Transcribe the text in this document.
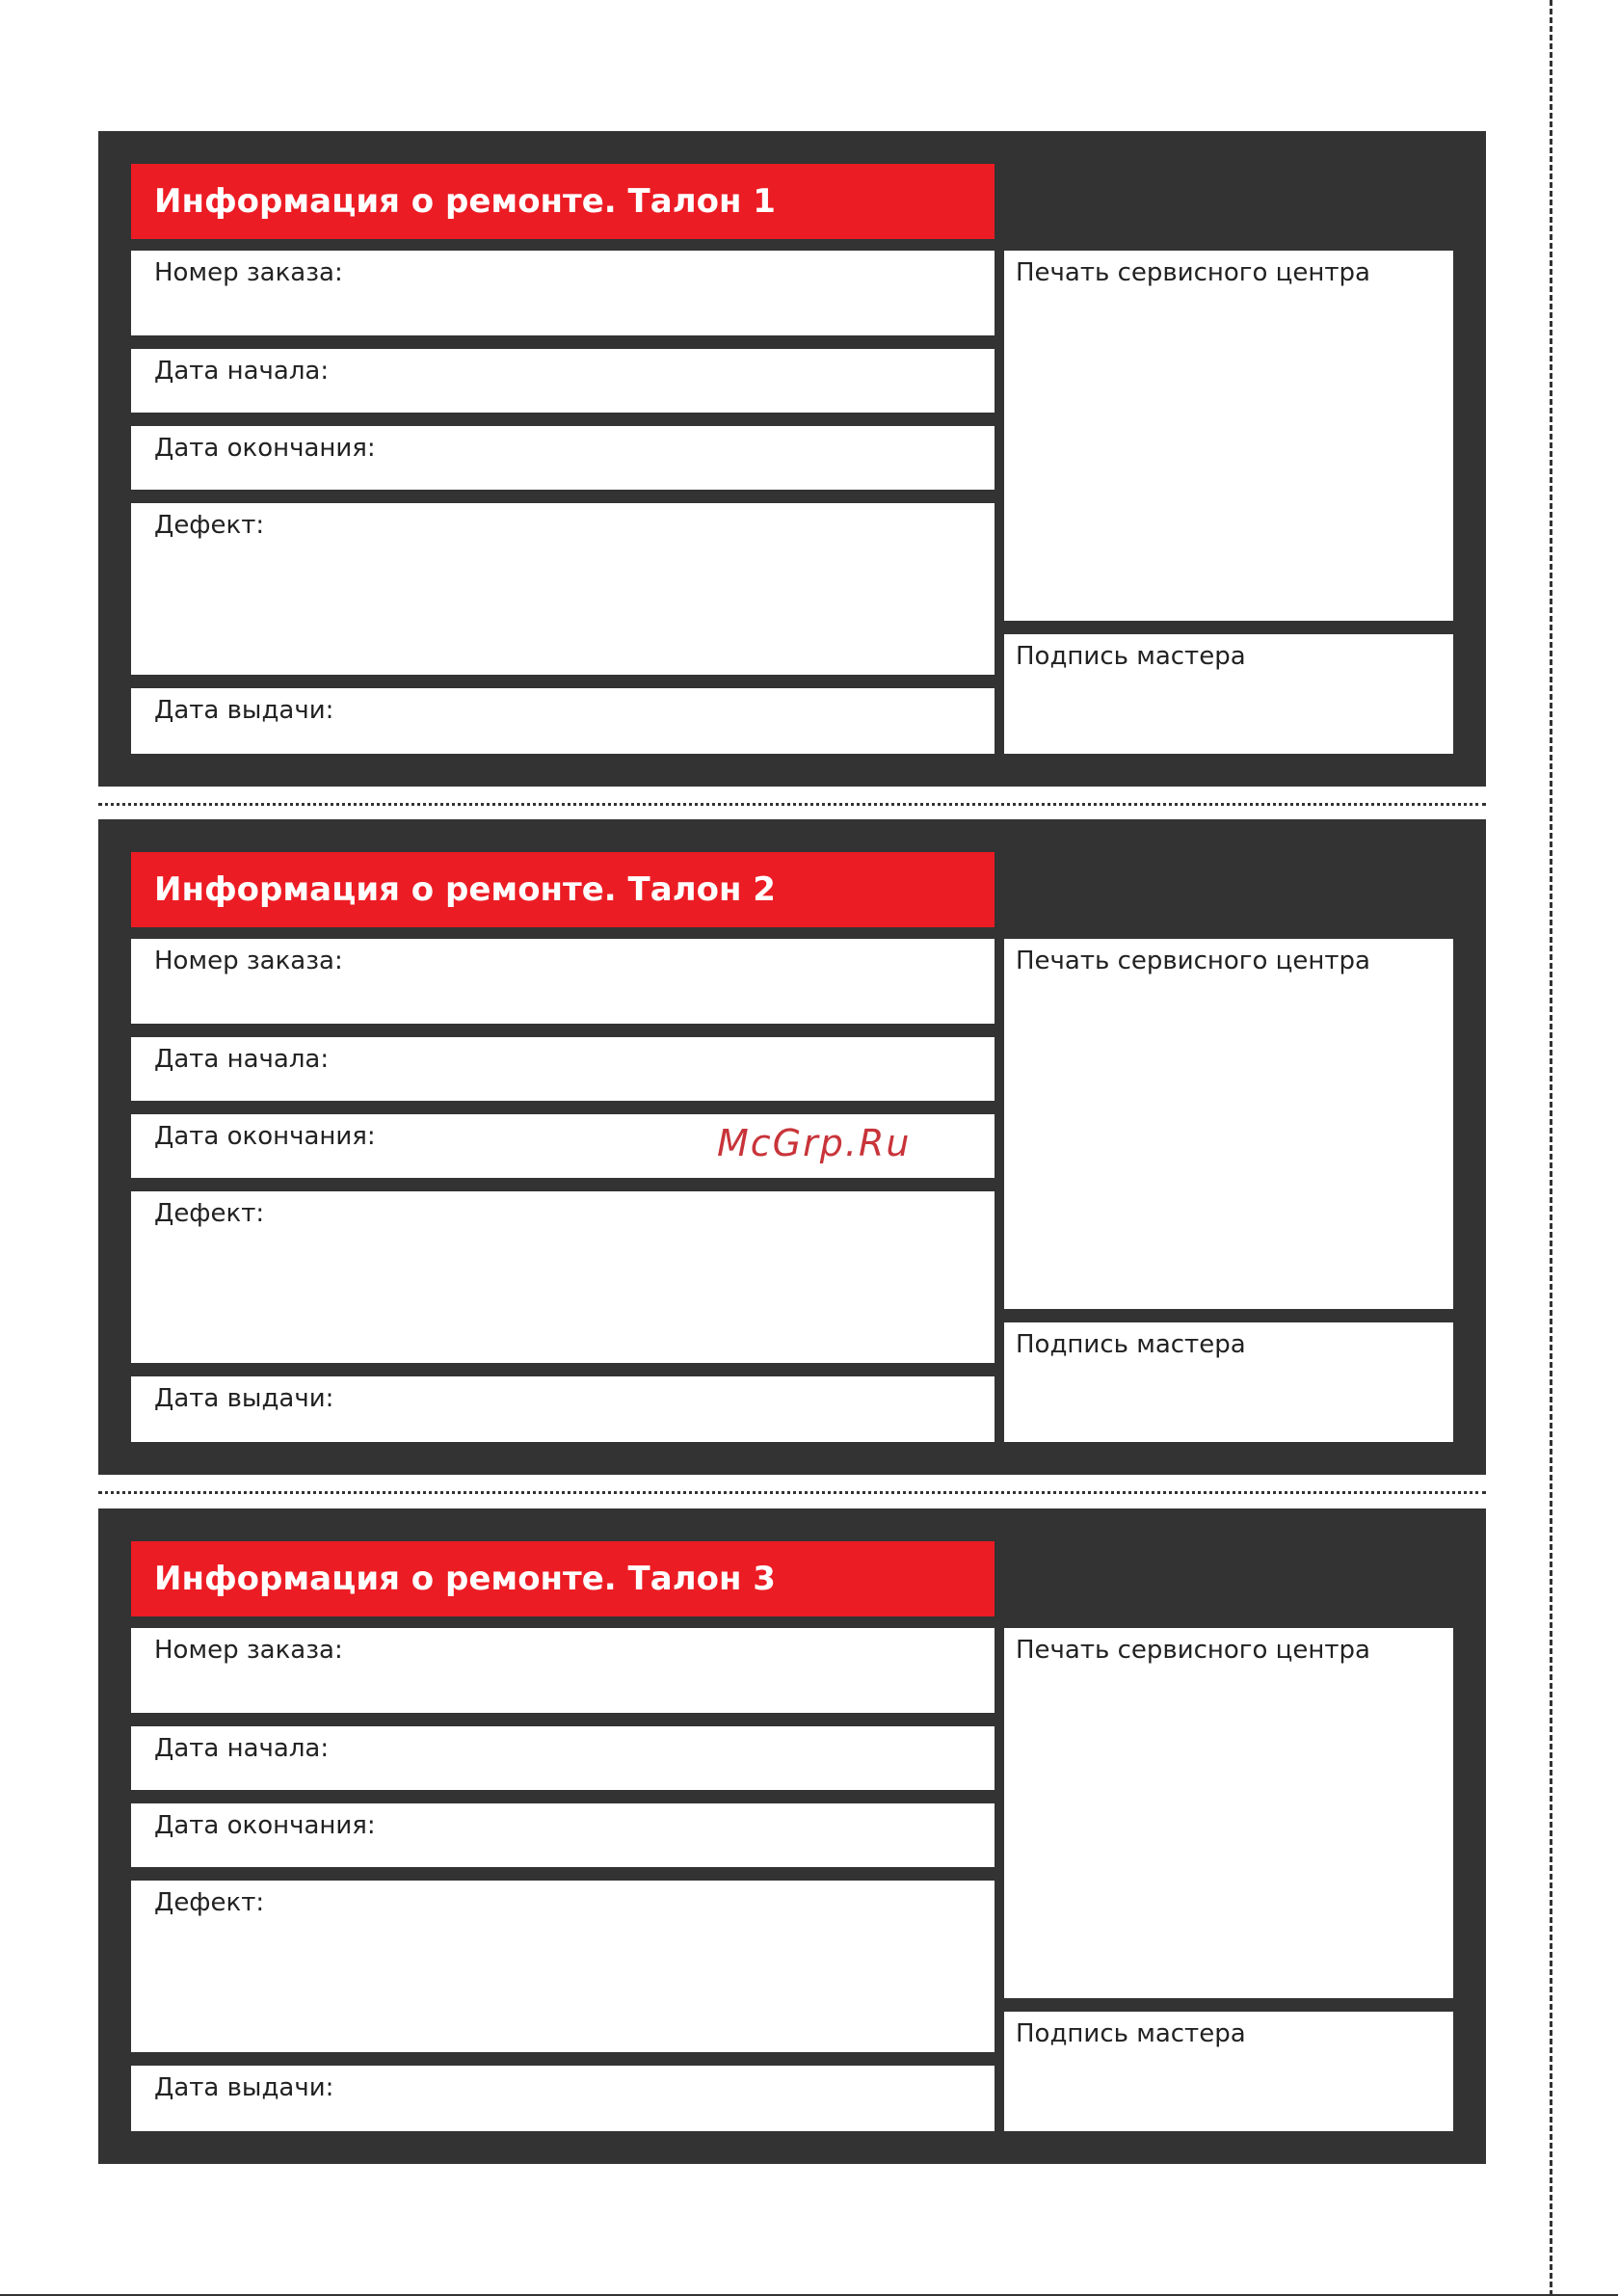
Информация о ремонте. Талон 1
Номер заказа:
Дата начала:
Дата окончания:
Дефект:
Дата выдачи:
Печать сервисного центра
Подпись мастера
Информация о ремонте. Талон 2
Номер заказа:
Дата начала:
Дата окончания:
Дефект:
Дата выдачи:
Печать сервисного центра
Подпись мастера
Информация о ремонте. Талон 3
Номер заказа:
Дата начала:
Дата окончания:
Дефект:
Дата выдачи:
Печать сервисного центра
Подпись мастера
McGrp.Ru
